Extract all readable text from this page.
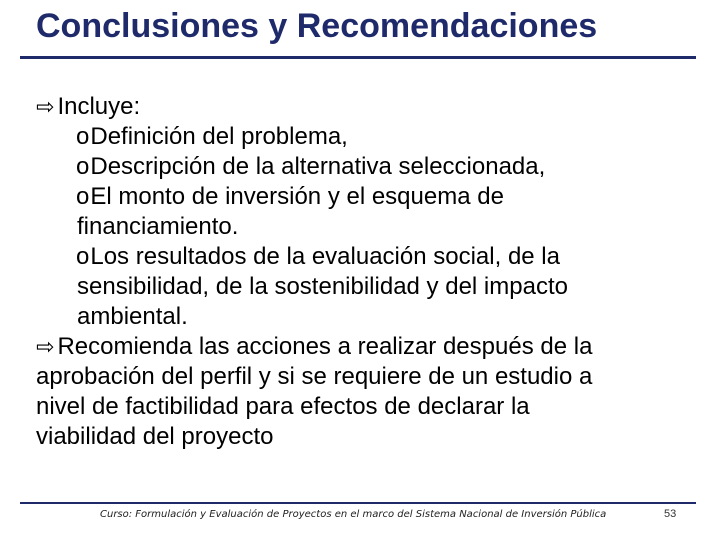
Conclusiones y Recomendaciones
⇨ Incluye:
oDefinición del problema,
oDescripción de la alternativa seleccionada,
oEl monto de inversión y el esquema de
financiamiento.
oLos resultados de la evaluación social, de la
sensibilidad, de la sostenibilidad y del impacto
ambiental.
⇨ Recomienda las acciones a realizar después de la
aprobación del perfil y si se requiere de un estudio a
nivel de factibilidad para efectos de declarar la
viabilidad del proyecto
Curso: Formulación y Evaluación de Proyectos en el marco del Sistema Nacional de Inversión Pública	53
